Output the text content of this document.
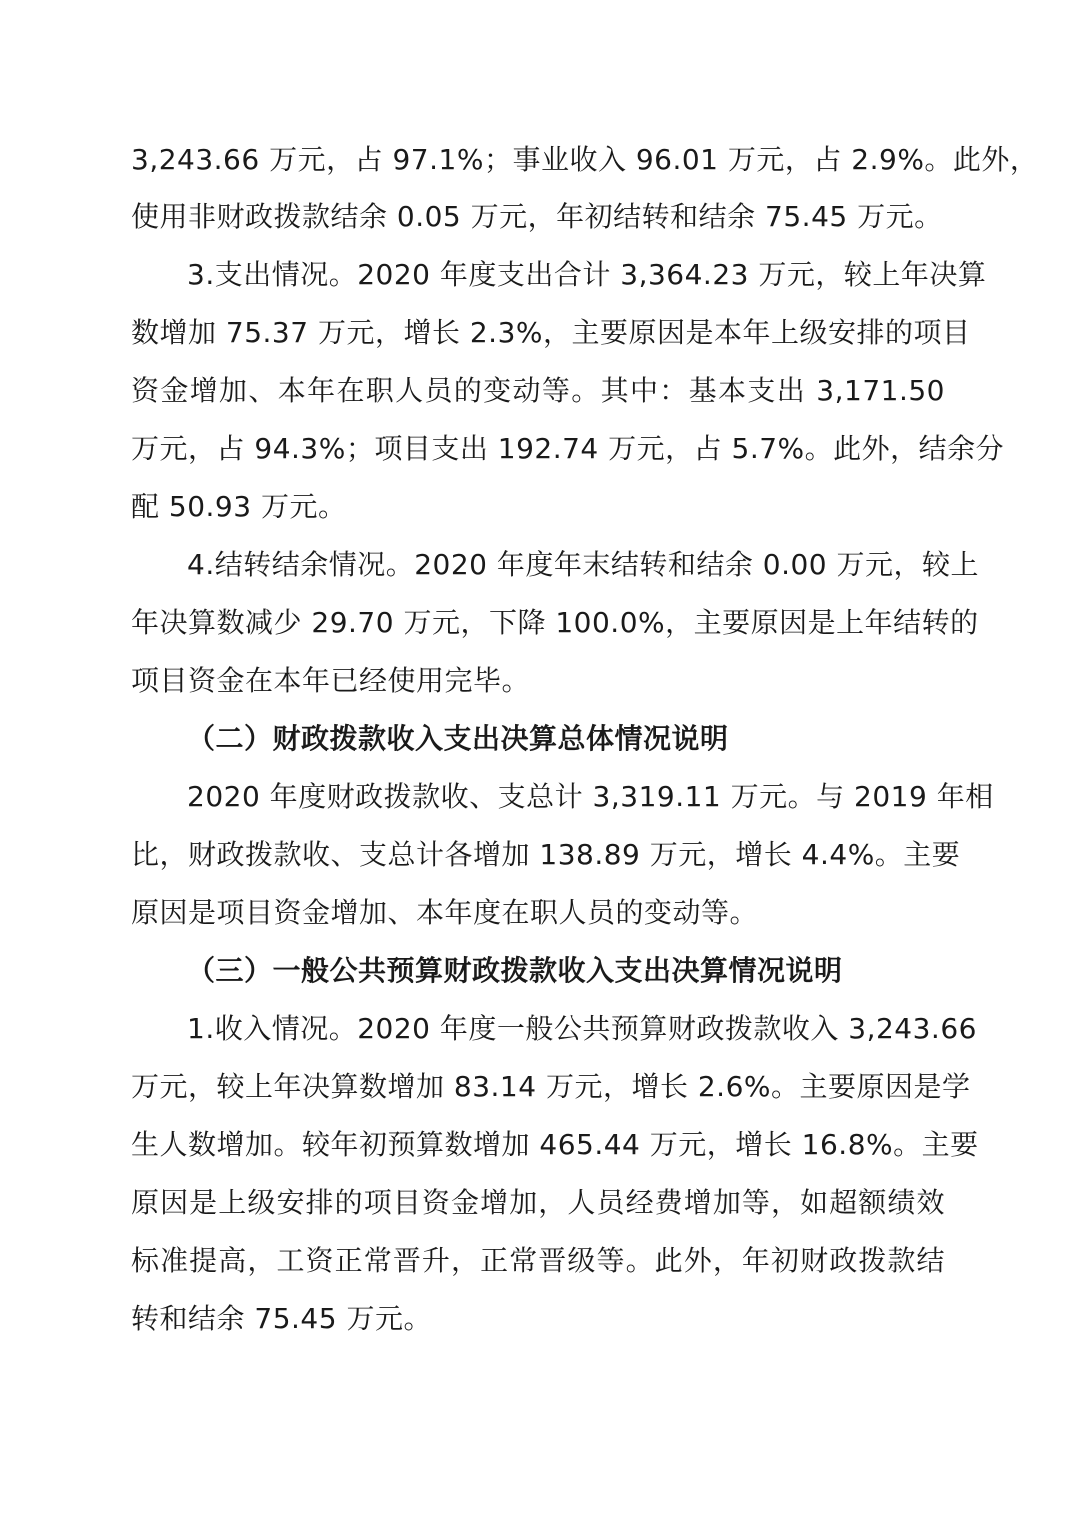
3,243.66 万元，占 97.1%；事业收入 96.01 万元，占 2.9%。此外，
使用非财政拨款结余 0.05 万元，年初结转和结余 75.45 万元。
3.支出情况。2020 年度支出合计 3,364.23 万元，较上年决算
数增加 75.37 万元，增长 2.3%，主要原因是本年上级安排的项目
资金增加、本年在职人员的变动等。其中：基本支出 3,171.50
万元，占 94.3%；项目支出 192.74 万元，占 5.7%。此外，结余分
配 50.93 万元。
4.结转结余情况。2020 年度年末结转和结余 0.00 万元，较上
年决算数减少 29.70 万元，下降 100.0%，主要原因是上年结转的
项目资金在本年已经使用完毕。
（二）财政拨款收入支出决算总体情况说明
2020 年度财政拨款收、支总计 3,319.11 万元。与 2019 年相
比，财政拨款收、支总计各增加 138.89 万元，增长 4.4%。主要
原因是项目资金增加、本年度在职人员的变动等。
（三）一般公共预算财政拨款收入支出决算情况说明
1.收入情况。2020 年度一般公共预算财政拨款收入 3,243.66
万元，较上年决算数增加 83.14 万元，增长 2.6%。主要原因是学
生人数增加。较年初预算数增加 465.44 万元，增长 16.8%。主要
原因是上级安排的项目资金增加，人员经费增加等，如超额绩效
标准提高，工资正常晋升，正常晋级等。此外，年初财政拨款结
转和结余 75.45 万元。
